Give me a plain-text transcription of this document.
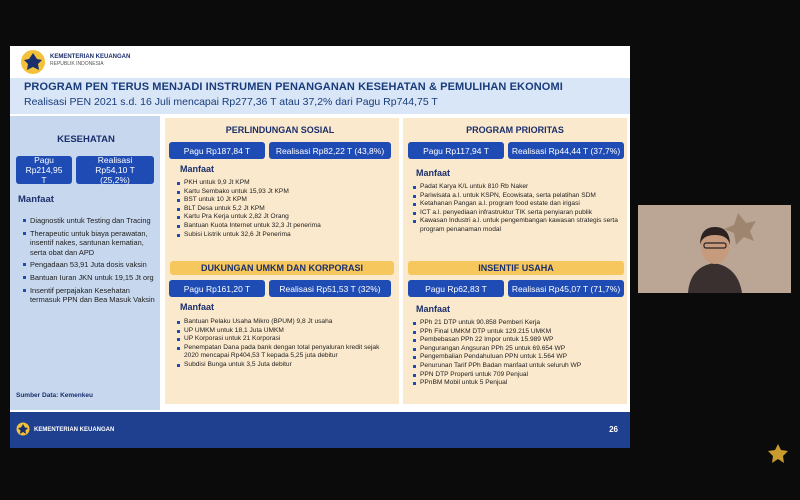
KEMENTERIAN KEUANGAN
REPUBLIK INDONESIA
PROGRAM PEN TERUS MENJADI INSTRUMEN PENANGANAN KESEHATAN & PEMULIHAN EKONOMI
Realisasi PEN 2021 s.d. 16 Juli mencapai Rp277,36 T atau 37,2% dari Pagu Rp744,75 T
KESEHATAN
Pagu Rp214,95 T
Realisasi Rp54,10 T (25,2%)
Manfaat
Diagnostik untuk Testing dan Tracing
Therapeutic untuk biaya perawatan, insentif nakes, santunan kematian, serta obat dan APD
Pengadaan 53,91 Juta dosis vaksin
Bantuan Iuran JKN untuk 19,15 Jt org
Insentif perpajakan Kesehatan termasuk PPN dan Bea Masuk Vaksin
Sumber Data: Kemenkeu
PERLINDUNGAN SOSIAL
Pagu Rp187,84 T	Realisasi Rp82,22 T (43,8%)
Manfaat
PKH untuk 9,9 Jt KPM
Kartu Sembako untuk 15,93 Jt KPM
BST untuk 10 Jt KPM
BLT Desa untuk 5,2 Jt KPM
Kartu Pra Kerja untuk 2,82 Jt Orang
Bantuan Kuota Internet untuk 32,3 Jt penerima
Subisi Listrik untuk 32,6 Jt Penerima
DUKUNGAN UMKM DAN KORPORASI
Pagu Rp161,20 T	Realisasi Rp51,53 T (32%)
Manfaat
Bantuan Pelaku Usaha Mikro (BPUM) 9,8 Jt usaha
UP UMKM untuk 18,1 Juta UMKM
UP Korporasi untuk 21 Korporasi
Penempatan Dana pada bank dengan total penyaluran kredit sejak 2020 mencapai Rp404,53 T kepada 5,25 juta debitur
Subdisi Bunga untuk 3,5 Juta debitur
PROGRAM PRIORITAS
Pagu Rp117,94 T	Realisasi Rp44,44 T (37,7%)
Manfaat
Padat Karya K/L untuk 810 Rb Naker
Pariwisata a.l. untuk KSPN, Ecowisata, serta pelatihan SDM
Ketahanan Pangan a.l. program food estate dan irigasi
ICT a.l. penyediaan infrastruktur TIK serta penyiaran publik
Kawasan Industri a.l. untuk pengembangan kawasan strategis serta program penanaman modal
INSENTIF USAHA
Pagu Rp62,83 T	Realisasi Rp45,07 T (71,7%)
Manfaat
PPh 21 DTP untuk 90.858 Pemberi Kerja
PPh Final UMKM DTP untuk 129.215 UMKM
Pembebasan PPh 22 Impor untuk 15.989 WP
Pengurangan Angsuran PPh 25 untuk 69.654 WP
Pengembalian Pendahuluan PPN untuk 1.564 WP
Penurunan Tarif PPh Badan manfaat untuk seluruh WP
PPN DTP Properti untuk 709 Penjual
PPnBM Mobil untuk 5 Penjual
KEMENTERIAN KEUANGAN	26
